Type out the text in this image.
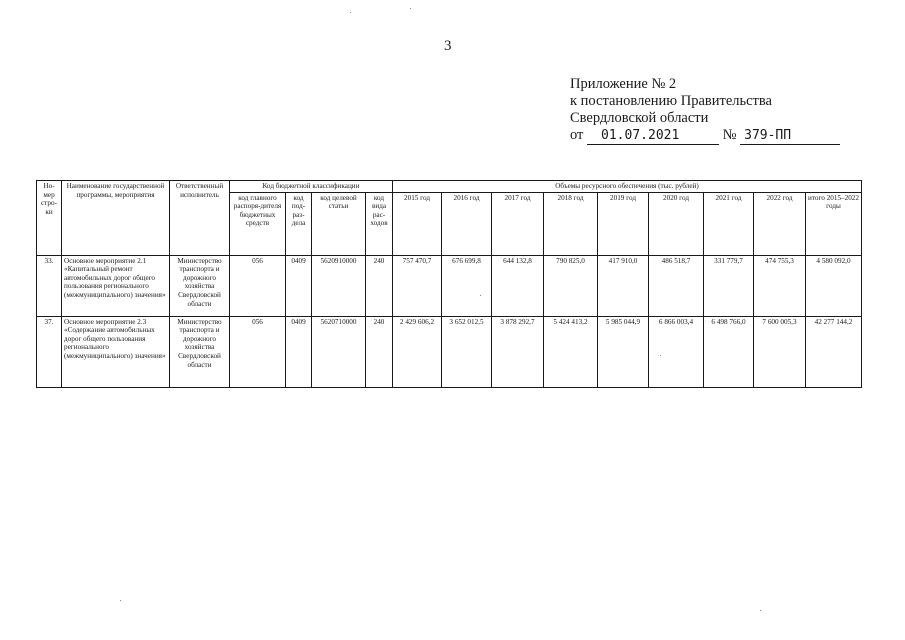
3
Приложение № 2
к постановлению Правительства
Свердловской области
от 01.07.2021	№ 379-ПП
Но-мер стро-ки	Наименование государственной программы, мероприятия	Ответственный исполнитель	Код бюджетной классификации				Объемы ресурсного обеспечения (тыс. рублей)								
			код главного распоря-дителя бюджетных средств	код под-раз-дела	код целевой статьи	код вида рас-ходов	2015 год	2016 год	2017 год	2018 год	2019 год	2020 год	2021 год	2022 год	итого 2015–2022 годы
33.	Основное мероприятие 2.1 «Капитальный ремонт автомобильных дорог общего пользования регионального (межмуниципального) значения»	Министерство транспорта и дорожного хозяйства Свердловской области	056	0409	5620910000	240	757 470,7	676 699,8	644 132,8	790 825,0	417 910,0	486 518,7	331 779,7	474 755,3	4 580 092,0
37.	Основное мероприятие 2.3 «Содержание автомобильных дорог общего пользования регионального (межмуниципального) значения»	Министерство транспорта и дорожного хозяйства Свердловской области	056	0409	5620710000	240	2 429 606,2	3 652 012,5	3 878 292,7	5 424 413,2	5 985 044,9	6 866 003,4	6 498 766,0	7 600 005,3	42 277 144,2
